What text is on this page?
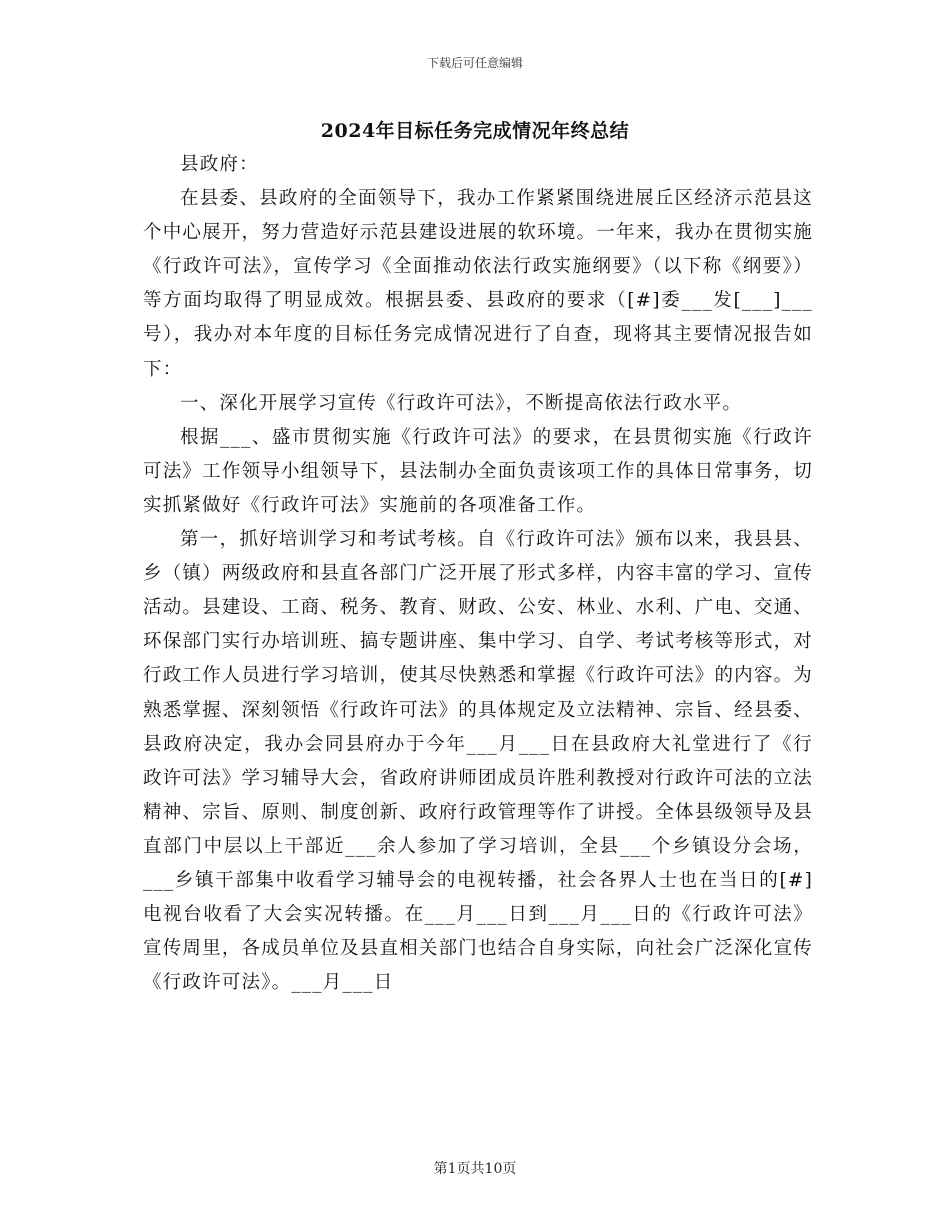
下载后可任意编辑
2024年目标任务完成情况年终总结

县政府：

在县委、县政府的全面领导下，我办工作紧紧围绕进展丘区经济示范县这个中心展开，努力营造好示范县建设进展的软环境。一年来，我办在贯彻实施《行政许可法》，宣传学习《全面推动依法行政实施纲要》（以下称《纲要》）等方面均取得了明显成效。根据县委、县政府的要求（[#]委___发[___]___号），我办对本年度的目标任务完成情况进行了自查，现将其主要情况报告如下：

一、深化开展学习宣传《行政许可法》，不断提高依法行政水平。

根据___、盛市贯彻实施《行政许可法》的要求，在县贯彻实施《行政许可法》工作领导小组领导下，县法制办全面负责该项工作的具体日常事务，切实抓紧做好《行政许可法》实施前的各项准备工作。

第一，抓好培训学习和考试考核。自《行政许可法》颁布以来，我县县、乡（镇）两级政府和县直各部门广泛开展了形式多样，内容丰富的学习、宣传活动。县建设、工商、税务、教育、财政、公安、林业、水利、广电、交通、环保部门实行办培训班、搞专题讲座、集中学习、自学、考试考核等形式，对行政工作人员进行学习培训，使其尽快熟悉和掌握《行政许可法》的内容。为熟悉掌握、深刻领悟《行政许可法》的具体规定及立法精神、宗旨、经县委、县政府决定，我办会同县府办于今年___月___日在县政府大礼堂进行了《行政许可法》学习辅导大会，省政府讲师团成员许胜利教授对行政许可法的立法精神、宗旨、原则、制度创新、政府行政管理等作了讲授。全体县级领导及县直部门中层以上干部近___余人参加了学习培训，全县___个乡镇设分会场，___乡镇干部集中收看学习辅导会的电视转播，社会各界人士也在当日的[#]电视台收看了大会实况转播。在___月___日到___月___日的《行政许可法》宣传周里，各成员单位及县直相关部门也结合自身实际，向社会广泛深化宣传《行政许可法》。___月___日

第1页共10页
